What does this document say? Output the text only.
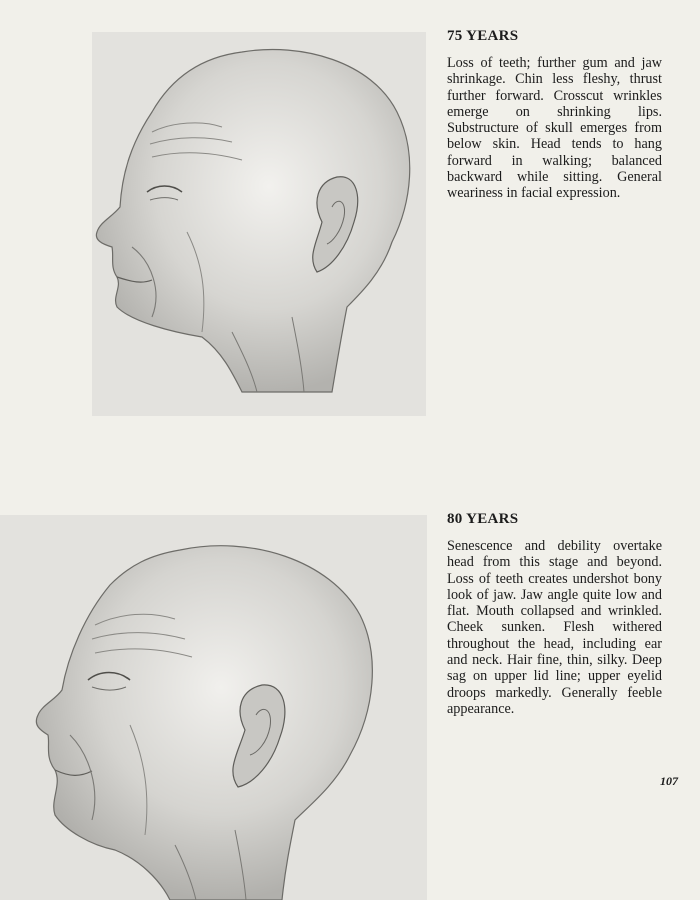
75 YEARS

Loss of teeth; further gum and jaw shrinkage. Chin less fleshy, thrust further forward. Crosscut wrinkles emerge on shrinking lips. Substructure of skull emerges from below skin. Head tends to hang forward in walking; balanced backward while sitting. General weariness in facial expression.

80 YEARS

Senescence and debility overtake head from this stage and beyond. Loss of teeth creates undershot bony look of jaw. Jaw angle quite low and flat. Mouth collapsed and wrinkled. Cheek sunken. Flesh withered throughout the head, including ear and neck. Hair fine, thin, silky. Deep sag on upper lid line; upper eyelid droops markedly. Generally feeble appearance.

107
